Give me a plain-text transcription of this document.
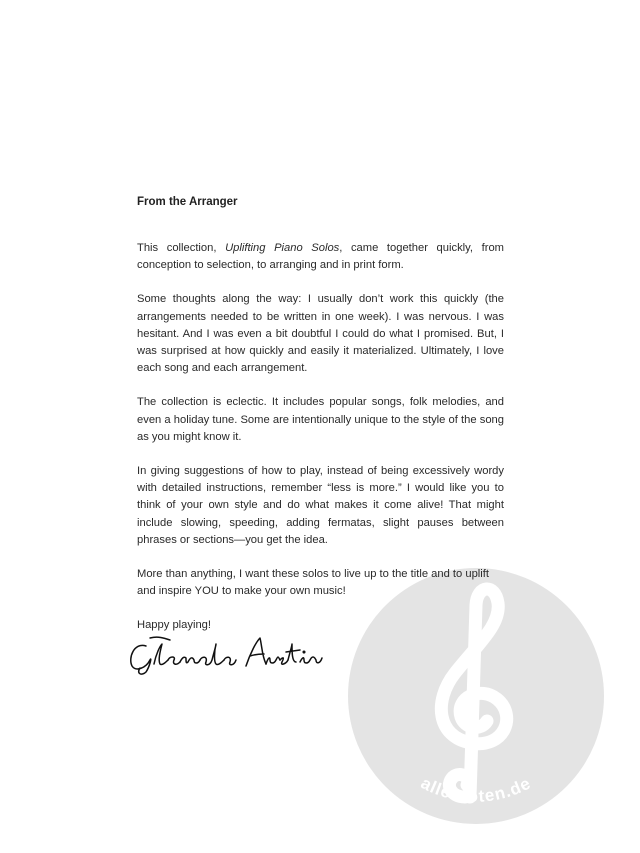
alle-noten.de
From the Arranger

This collection, Uplifting Piano Solos, came together quickly, from conception to selection, to arranging and in print form.

Some thoughts along the way: I usually don’t work this quickly (the arrangements needed to be written in one week). I was nervous. I was hesitant. And I was even a bit doubtful I could do what I promised. But, I was surprised at how quickly and easily it materialized. Ultimately, I love each song and each arrangement.

The collection is eclectic. It includes popular songs, folk melodies, and even a holiday tune. Some are intentionally unique to the style of the song as you might know it.

In giving suggestions of how to play, instead of being excessively wordy with detailed instructions, remember “less is more.” I would like you to think of your own style and do what makes it come alive! That might include slowing, speeding, adding fermatas, slight pauses between phrases or sections—you get the idea.

More than anything, I want these solos to live up to the title and to uplift and inspire YOU to make your own music!

Happy playing!
